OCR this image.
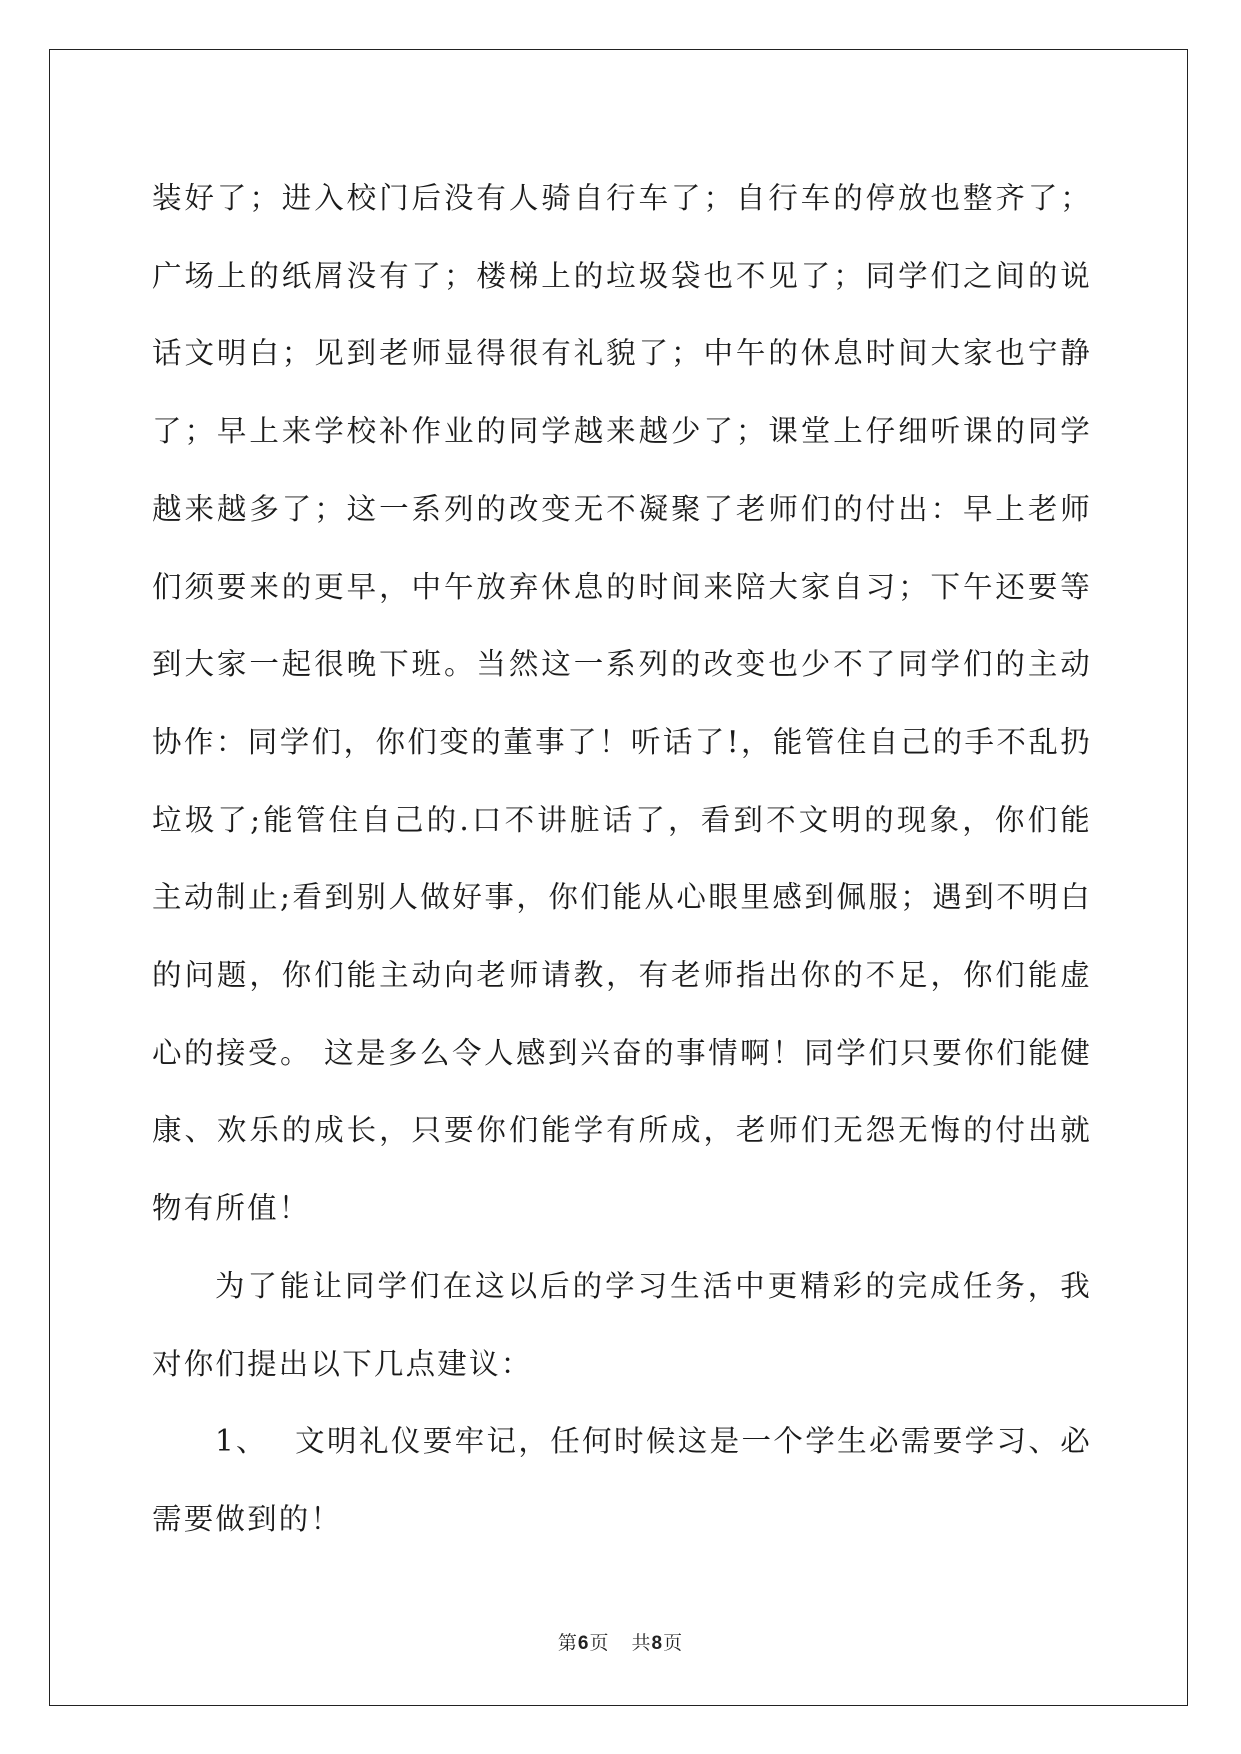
装好了；进入校门后没有人骑自行车了；自行车的停放也整齐了；广场上的纸屑没有了；楼梯上的垃圾袋也不见了；同学们之间的说话文明白；见到老师显得很有礼貌了；中午的休息时间大家也宁静了；早上来学校补作业的同学越来越少了；课堂上仔细听课的同学越来越多了；这一系列的改变无不凝聚了老师们的付出：早上老师们须要来的更早，中午放弃休息的时间来陪大家自习；下午还要等到大家一起很晚下班。当然这一系列的改变也少不了同学们的主动协作：同学们，你们变的董事了！听话了!，能管住自己的手不乱扔垃圾了;能管住自己的.口不讲脏话了，看到不文明的现象，你们能主动制止;看到别人做好事，你们能从心眼里感到佩服；遇到不明白的问题，你们能主动向老师请教，有老师指出你的不足，你们能虚心的接受。 这是多么令人感到兴奋的事情啊！同学们只要你们能健康、欢乐的成长，只要你们能学有所成，老师们无怨无悔的付出就物有所值！

为了能让同学们在这以后的学习生活中更精彩的完成任务，我对你们提出以下几点建议：

1、 文明礼仪要牢记，任何时候这是一个学生必需要学习、必需要做到的！

第6页 共8页
